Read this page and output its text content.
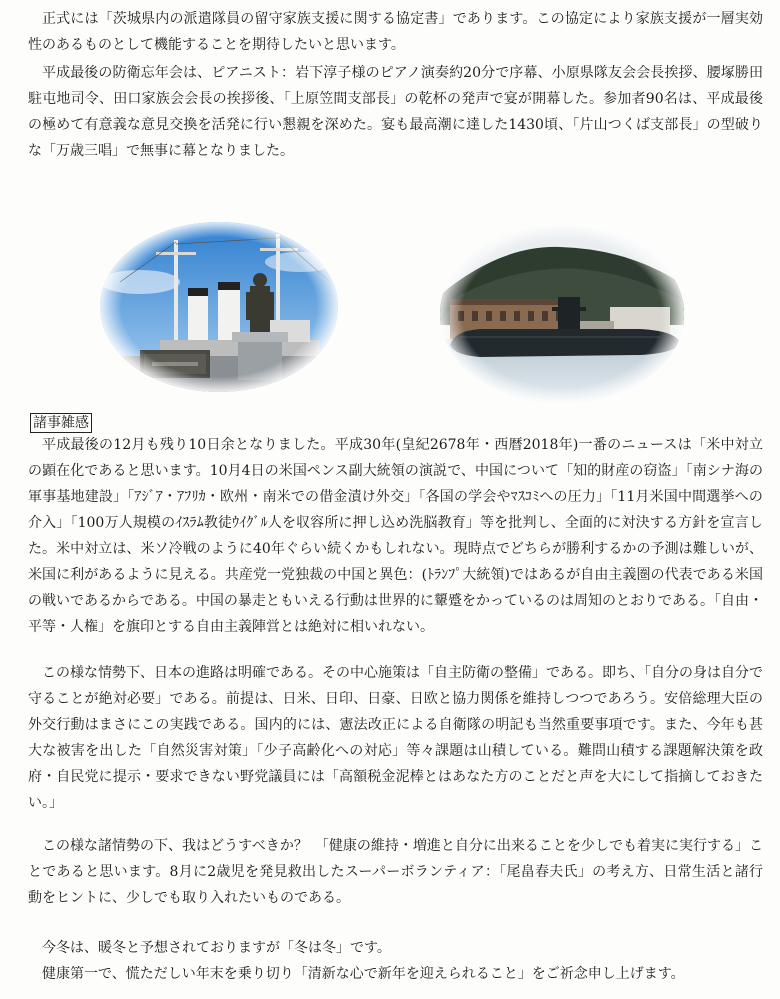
正式には「茨城県内の派遣隊員の留守家族支援に関する協定書」であります。この協定により家族支援が一層実効性のあるものとして機能することを期待したいと思います。

平成最後の防衛忘年会は、ピアニスト：岩下淳子様のピアノ演奏約20分で序幕、小原県隊友会会長挨拶、腰塚勝田駐屯地司令、田口家族会会長の挨拶後、「上原笠間支部長」の乾杯の発声で宴が開幕した。参加者90名は、平成最後の極めて有意義な意見交換を活発に行い懇親を深めた。宴も最高潮に達した1430頃、「片山つくば支部長」の型破りな「万歳三唱」で無事に幕となりました。

諸事雑感

平成最後の12月も残り10日余となりました。平成30年(皇紀2678年・西暦2018年)一番のニュースは「米中対立の顕在化であると思います。10月4日の米国ペンス副大統領の演説で、中国について「知的財産の窃盗」「南シナ海の軍事基地建設」「ｱｼﾞｱ・ｱﾌﾘｶ・欧州・南米での借金漬け外交」「各国の学会やﾏｽｺﾐへの圧力」「11月米国中間選挙への介入」「100万人規模のｲｽﾗﾑ教徒ｳｲｸﾞﾙ人を収容所に押し込め洗脳教育」等を批判し、全面的に対決する方針を宣言した。米中対立は、米ソ冷戦のように40年ぐらい続くかもしれない。現時点でどちらが勝利するかの予測は難しいが、米国に利があるように見える。共産党一党独裁の中国と異色：(ﾄﾗﾝﾌﾟ大統領)ではあるが自由主義圏の代表である米国の戦いであるからである。中国の暴走ともいえる行動は世界的に顰蹙をかっているのは周知のとおりである。「自由・平等・人権」を旗印とする自由主義陣営とは絶対に相いれない。

この様な情勢下、日本の進路は明確である。その中心施策は「自主防衛の整備」である。即ち、「自分の身は自分で守ることが絶対必要」である。前提は、日米、日印、日豪、日欧と協力関係を維持しつつであろう。安倍総理大臣の外交行動はまさにこの実践である。国内的には、憲法改正による自衛隊の明記も当然重要事項です。また、今年も甚大な被害を出した「自然災害対策」「少子高齢化への対応」等々課題は山積している。難問山積する課題解決策を政府・自民党に提示・要求できない野党議員には「高額税金泥棒とはあなた方のことだと声を大にして指摘しておきたい。」

この様な諸情勢の下、我はどうすべきか？　「健康の維持・増進と自分に出来ることを少しでも着実に実行する」ことであると思います。8月に2歳児を発見救出したスーパーボランティア：「尾畠春夫氏」の考え方、日常生活と諸行動をヒントに、少しでも取り入れたいものである。

今冬は、暖冬と予想されておりますが「冬は冬」です。
健康第一で、慌ただしい年末を乗り切り「清新な心で新年を迎えられること」をご祈念申し上げます。
